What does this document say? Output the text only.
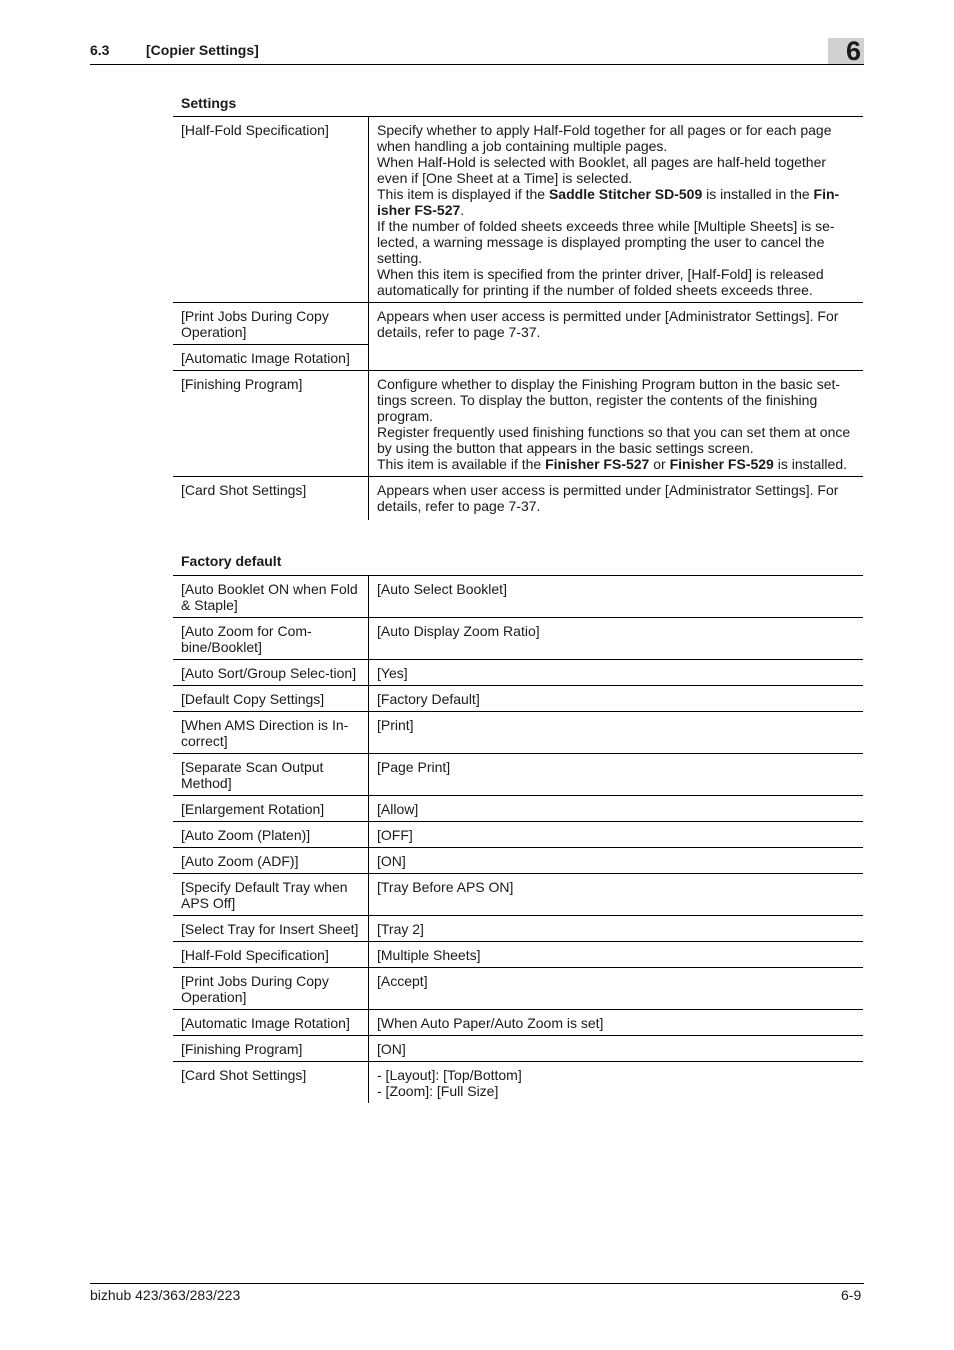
6.3	[Copier Settings]	6
Settings
[Half-Fold Specification]	Specify whether to apply Half-Fold together for all pages or for each page when handling a job containing multiple pages.
When Half-Hold is selected with Booklet, all pages are half-held together even if [One Sheet at a Time] is selected.
This item is displayed if the Saddle Stitcher SD-509 is installed in the Fin-isher FS-527.
If the number of folded sheets exceeds three while [Multiple Sheets] is se-lected, a warning message is displayed prompting the user to cancel the setting.
When this item is specified from the printer driver, [Half-Fold] is released automatically for printing if the number of folded sheets exceeds three.

[Print Jobs During Copy Operation]	Appears when user access is permitted under [Administrator Settings]. For details, refer to page 7-37.

[Automatic Image Rotation]	
[Finishing Program]	Configure whether to display the Finishing Program button in the basic set-tings screen. To display the button, register the contents of the finishing program.
Register frequently used finishing functions so that you can set them at once by using the button that appears in the basic settings screen.
This item is available if the Finisher FS-527 or Finisher FS-529 is installed.

[Card Shot Settings]	Appears when user access is permitted under [Administrator Settings]. For details, refer to page 7-37.
Factory default
[Auto Booklet ON when Fold & Staple]	[Auto Select Booklet]

[Auto Zoom for Com-bine/Booklet]	[Auto Display Zoom Ratio]

[Auto Sort/Group Selec-tion]	[Yes]

[Default Copy Settings]	[Factory Default]

[When AMS Direction is In-correct]	[Print]

[Separate Scan Output Method]	[Page Print]

[Enlargement Rotation]	[Allow]

[Auto Zoom (Platen)]	[OFF]

[Auto Zoom (ADF)]	[ON]

[Specify Default Tray when APS Off]	[Tray Before APS ON]

[Select Tray for Insert Sheet]	[Tray 2]

[Half-Fold Specification]	[Multiple Sheets]

[Print Jobs During Copy Operation]	[Accept]

[Automatic Image Rotation]	[When Auto Paper/Auto Zoom is set]

[Finishing Program]	[ON]

[Card Shot Settings]	- [Layout]: [Top/Bottom]
- [Zoom]: [Full Size]
bizhub 423/363/283/223	6-9
